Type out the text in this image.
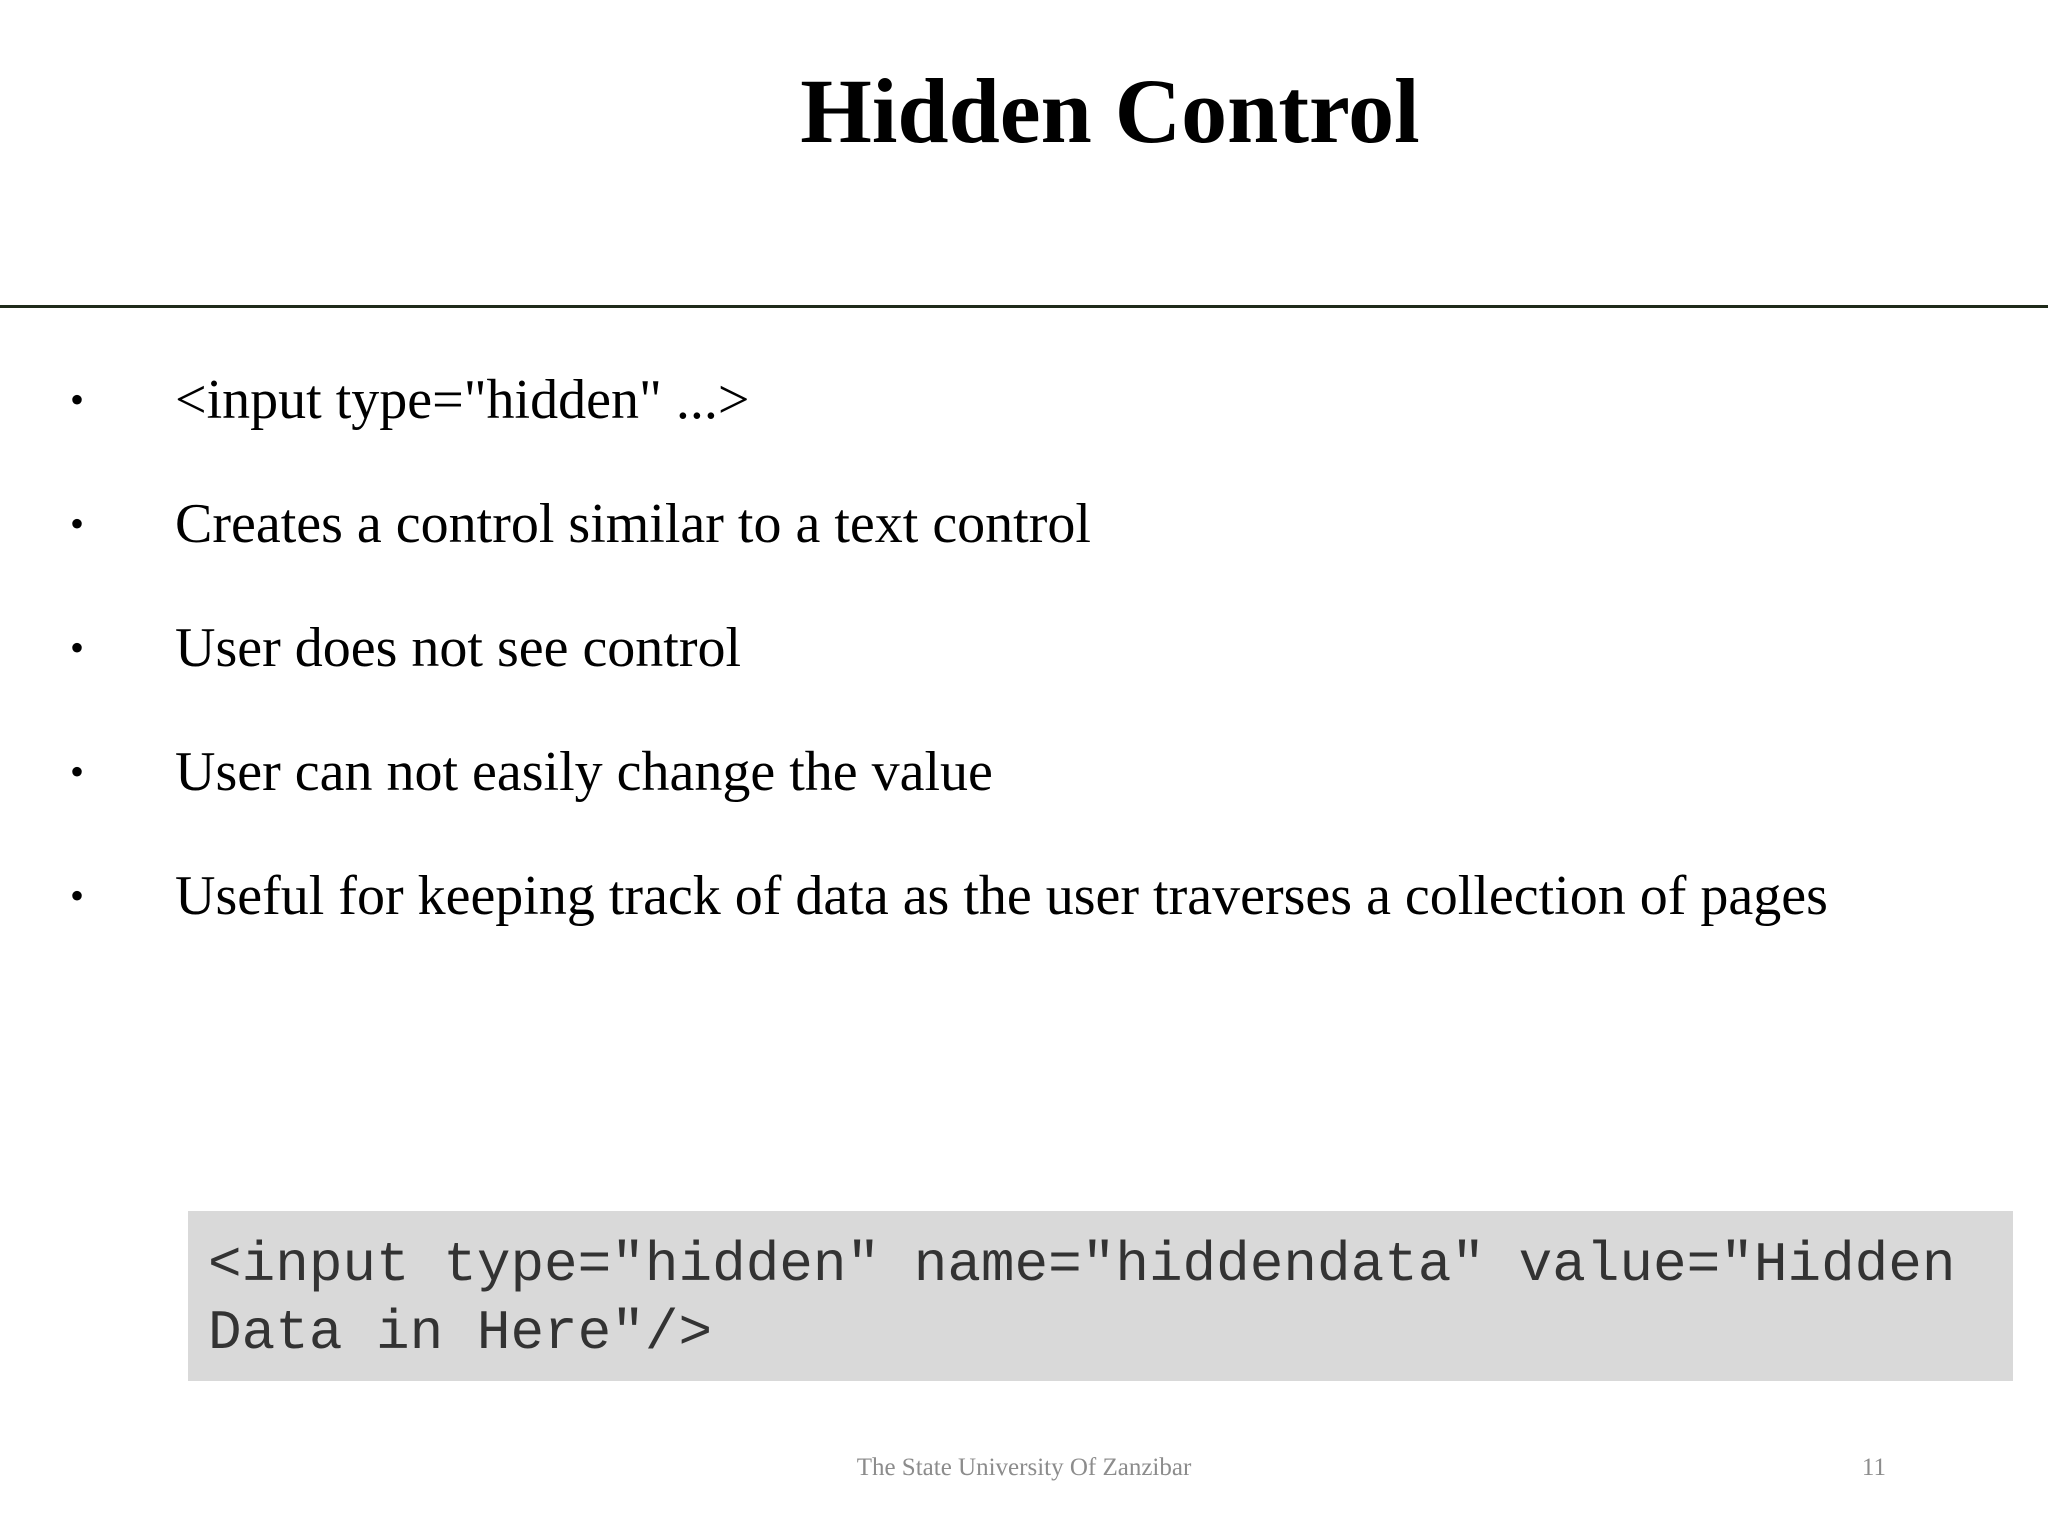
Hidden Control
• <input type="hidden" ...>
• Creates a control similar to a text control
• User does not see control
• User can not easily change the value
• Useful for keeping track of data as the user traverses a collection of pages
<input type="hidden" name="hiddendata" value="Hidden
Data in Here"/>
The State University Of Zanzibar	11
